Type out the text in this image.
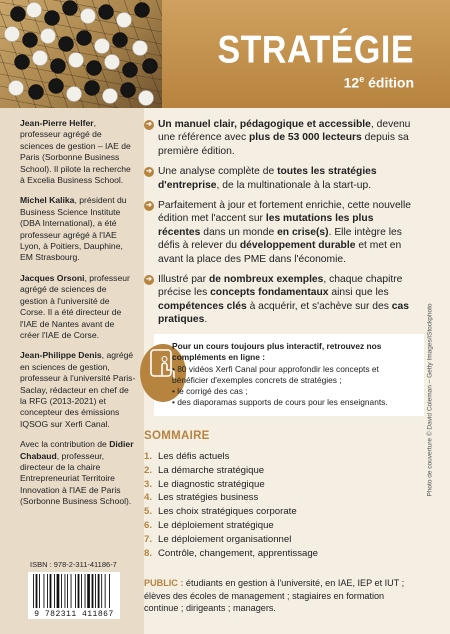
STRATÉGIE
12e édition
Jean-Pierre Helfer, professeur agrégé de sciences de gestion – IAE de Paris (Sorbonne Business School). Il pilote la recherche à Excelia Business School.
Michel Kalika, président du Business Science Institute (DBA International), a été professeur agrégé à l'IAE Lyon, à Poitiers, Dauphine, EM Strasbourg.
Jacques Orsoni, professeur agrégé de sciences de gestion à l'université de Corse. Il a été directeur de l'IAE de Nantes avant de créer l'IAE de Corse.
Jean-Philippe Denis, agrégé en sciences de gestion, professeur à l'université Paris-Saclay, rédacteur en chef de la RFG (2013-2021) et concepteur des émissions IQSOG sur Xerfi Canal.
Avec la contribution de Didier Chabaud, professeur, directeur de la chaire Entrepreneuriat Territoire Innovation à l'IAE de Paris (Sorbonne Business School).
ISBN : 978-2-311-41186-7
9 782311 411867
➔ Un manuel clair, pédagogique et accessible, devenu une référence avec plus de 53 000 lecteurs depuis sa première édition.
➔ Une analyse complète de toutes les stratégies d'entreprise, de la multinationale à la start-up.
➔ Parfaitement à jour et fortement enrichie, cette nouvelle édition met l'accent sur les mutations les plus récentes dans un monde en crise(s). Elle intègre les défis à relever du développement durable et met en avant la place des PME dans l'économie.
➔ Illustré par de nombreux exemples, chaque chapitre précise les concepts fondamentaux ainsi que les compétences clés à acquérir, et s'achève sur des cas pratiques.
Pour un cours toujours plus interactif, retrouvez nos compléments en ligne :
• 80 vidéos Xerfi Canal pour approfondir les concepts et bénéficier d'exemples concrets de stratégies ;
• le corrigé des cas ;
• des diaporamas supports de cours pour les enseignants.
SOMMAIRE
1. Les défis actuels
2. La démarche stratégique
3. Le diagnostic stratégique
4. Les stratégies business
5. Les choix stratégiques corporate
6. Le déploiement stratégique
7. Le déploiement organisationnel
8. Contrôle, changement, apprentissage
PUBLIC : étudiants en gestion à l'université, en IAE, IEP et IUT ; élèves des écoles de management ; stagiaires en formation continue ; dirigeants ; managers.
Photo de couverture © David Coleman – Getty Images/iStockphoto
